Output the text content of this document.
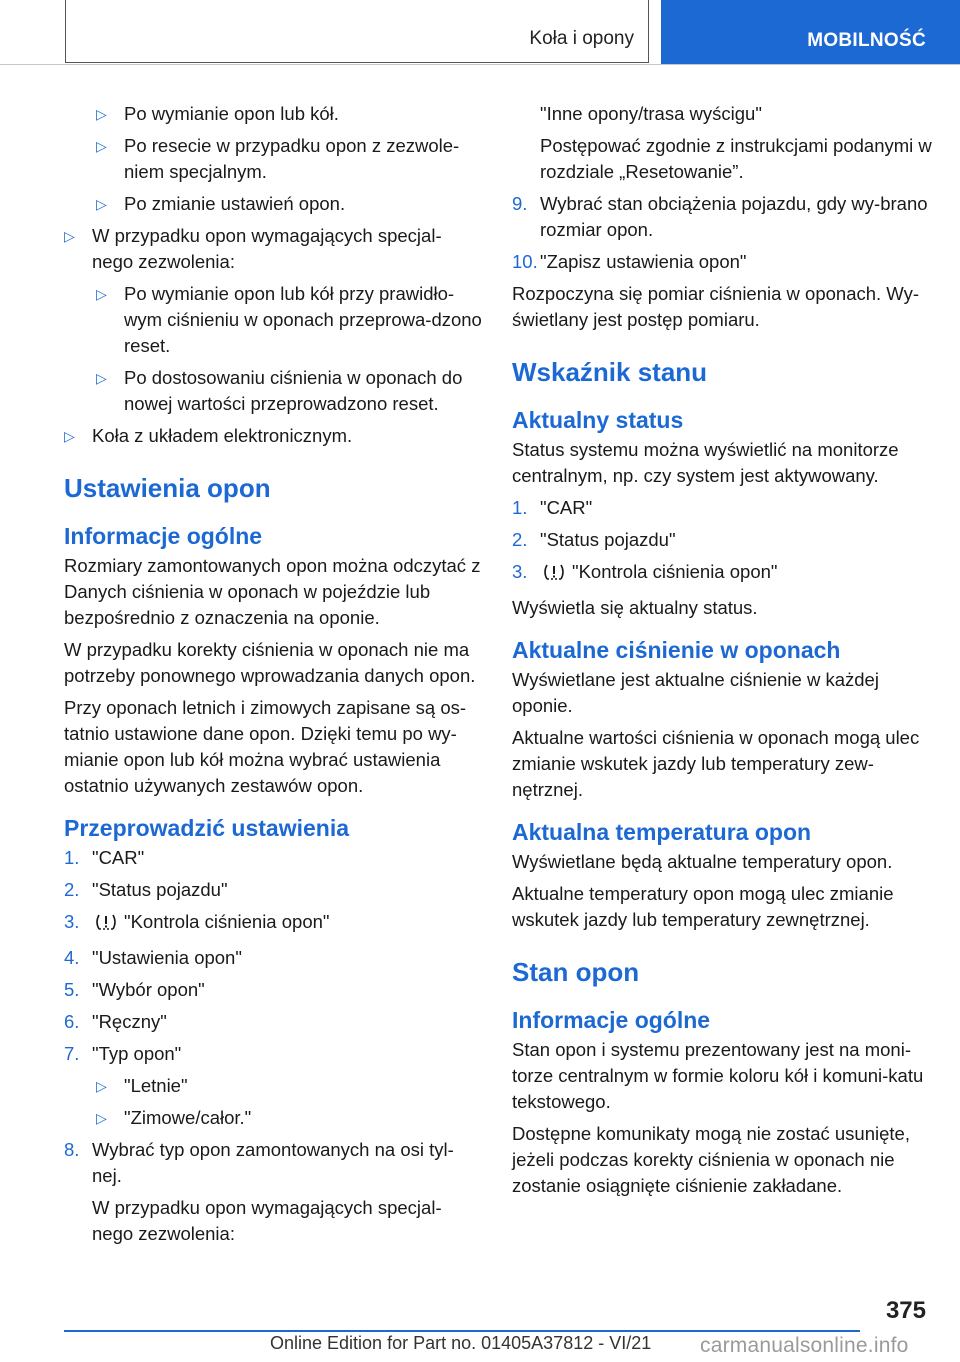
Koła i opony	MOBILNOŚĆ
▷ Po wymianie opon lub kół.
▷ Po resecie w przypadku opon z zezwole-niem specjalnym.
▷ Po zmianie ustawień opon.
▷ W przypadku opon wymagających specjal-nego zezwolenia:
▷ Po wymianie opon lub kół przy prawidło-wym ciśnieniu w oponach przeprowa-dzono reset.
▷ Po dostosowaniu ciśnienia w oponach do nowej wartości przeprowadzono reset.
▷ Koła z układem elektronicznym.
Ustawienia opon
Informacje ogólne

Rozmiary zamontowanych opon można odczytać z Danych ciśnienia w oponach w pojeździe lub bezpośrednio z oznaczenia na oponie.

W przypadku korekty ciśnienia w oponach nie ma potrzeby ponownego wprowadzania danych opon.

Przy oponach letnich i zimowych zapisane są os-tatnio ustawione dane opon. Dzięki temu po wy-mianie opon lub kół można wybrać ustawienia ostatnio używanych zestawów opon.

Przeprowadzić ustawienia
1. "CAR"
2. "Status pojazdu"
3. "Kontrola ciśnienia opon"
4. "Ustawienia opon"
5. "Wybór opon"
6. "Ręczny"
7. "Typ opon"
▷ "Letnie"
▷ "Zimowe/całor."
8. Wybrać typ opon zamontowanych na osi tyl-nej.

W przypadku opon wymagających specjal-nego zezwolenia:

"Inne opony/trasa wyścigu"

Postępować zgodnie z instrukcjami podanymi w rozdziale „Resetowanie”.

9. Wybrać stan obciążenia pojazdu, gdy wy-brano rozmiar opon.
10. "Zapisz ustawienia opon"

Rozpoczyna się pomiar ciśnienia w oponach. Wy-świetlany jest postęp pomiaru.

Wskaźnik stanu
Aktualny status

Status systemu można wyświetlić na monitorze centralnym, np. czy system jest aktywowany.

1. "CAR"
2. "Status pojazdu"
3. "Kontrola ciśnienia opon"

Wyświetla się aktualny status.

Aktualne ciśnienie w oponach

Wyświetlane jest aktualne ciśnienie w każdej oponie.

Aktualne wartości ciśnienia w oponach mogą ulec zmianie wskutek jazdy lub temperatury zew-nętrznej.

Aktualna temperatura opon

Wyświetlane będą aktualne temperatury opon.

Aktualne temperatury opon mogą ulec zmianie wskutek jazdy lub temperatury zewnętrznej.

Stan opon
Informacje ogólne

Stan opon i systemu prezentowany jest na moni-torze centralnym w formie koloru kół i komuni-katu tekstowego.

Dostępne komunikaty mogą nie zostać usunięte, jeżeli podczas korekty ciśnienia w oponach nie zostanie osiągnięte ciśnienie zakładane.

375
Online Edition for Part no. 01405A37812 - VI/21 carmanualsonline.info
